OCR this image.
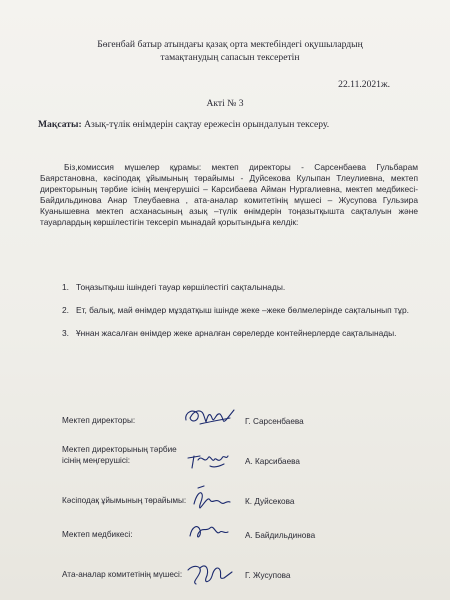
Бөгенбай батыр атындағы қазақ орта мектебіндегі оқушылардың
тамақтанудың сапасын тексеретін
22.11.2021ж.
Акті № 3
Мақсаты: Азық-түлік өнімдерін сақтау ережесін орындалуын тексеру.
Біз,комиссия мүшелер құрамы: мектеп директоры - Сарсенбаева Гульбарам Баярстановна, кәсіподақ ұйымының төрайымы - Дуйсекова Кулыпан Тлеулиевна, мектеп директорының тәрбие ісінің меңгерушісі – Карсибаева Айман Нургалиевна, мектеп медбикесі-Байдильдинова Анар Тлеубаевна , ата-аналар комитетінің мүшесі – Жусупова Гульзира Куанышевна мектеп асханасының азық –түлік өнімдерін тоңазытқышта сақталуын және тауарлардың көршілестігін тексеріп мынадай қорытындыға келдік:
1. Тоңазытқыш ішіндегі тауар көршілестігі сақталынады.
2. Ет, балық, май өнімдер мұздатқыш ішінде жеке –жеке бөлмелерінде сақталынып тұр.
3. Ұннан жасалған өнімдер жеке арналған сөрелерде контейнерлерде сақталынады.
Мектеп директоры:	Г. Сарсенбаева
Мектеп директорының тәрбие ісінің меңгерушісі:	А. Карсибаева
Кәсіподақ ұйымының төрайымы:	К. Дуйсекова
Мектеп медбикесі:	А. Байдильдинова
Ата-аналар комитетінің мүшесі:	Г. Жусупова
